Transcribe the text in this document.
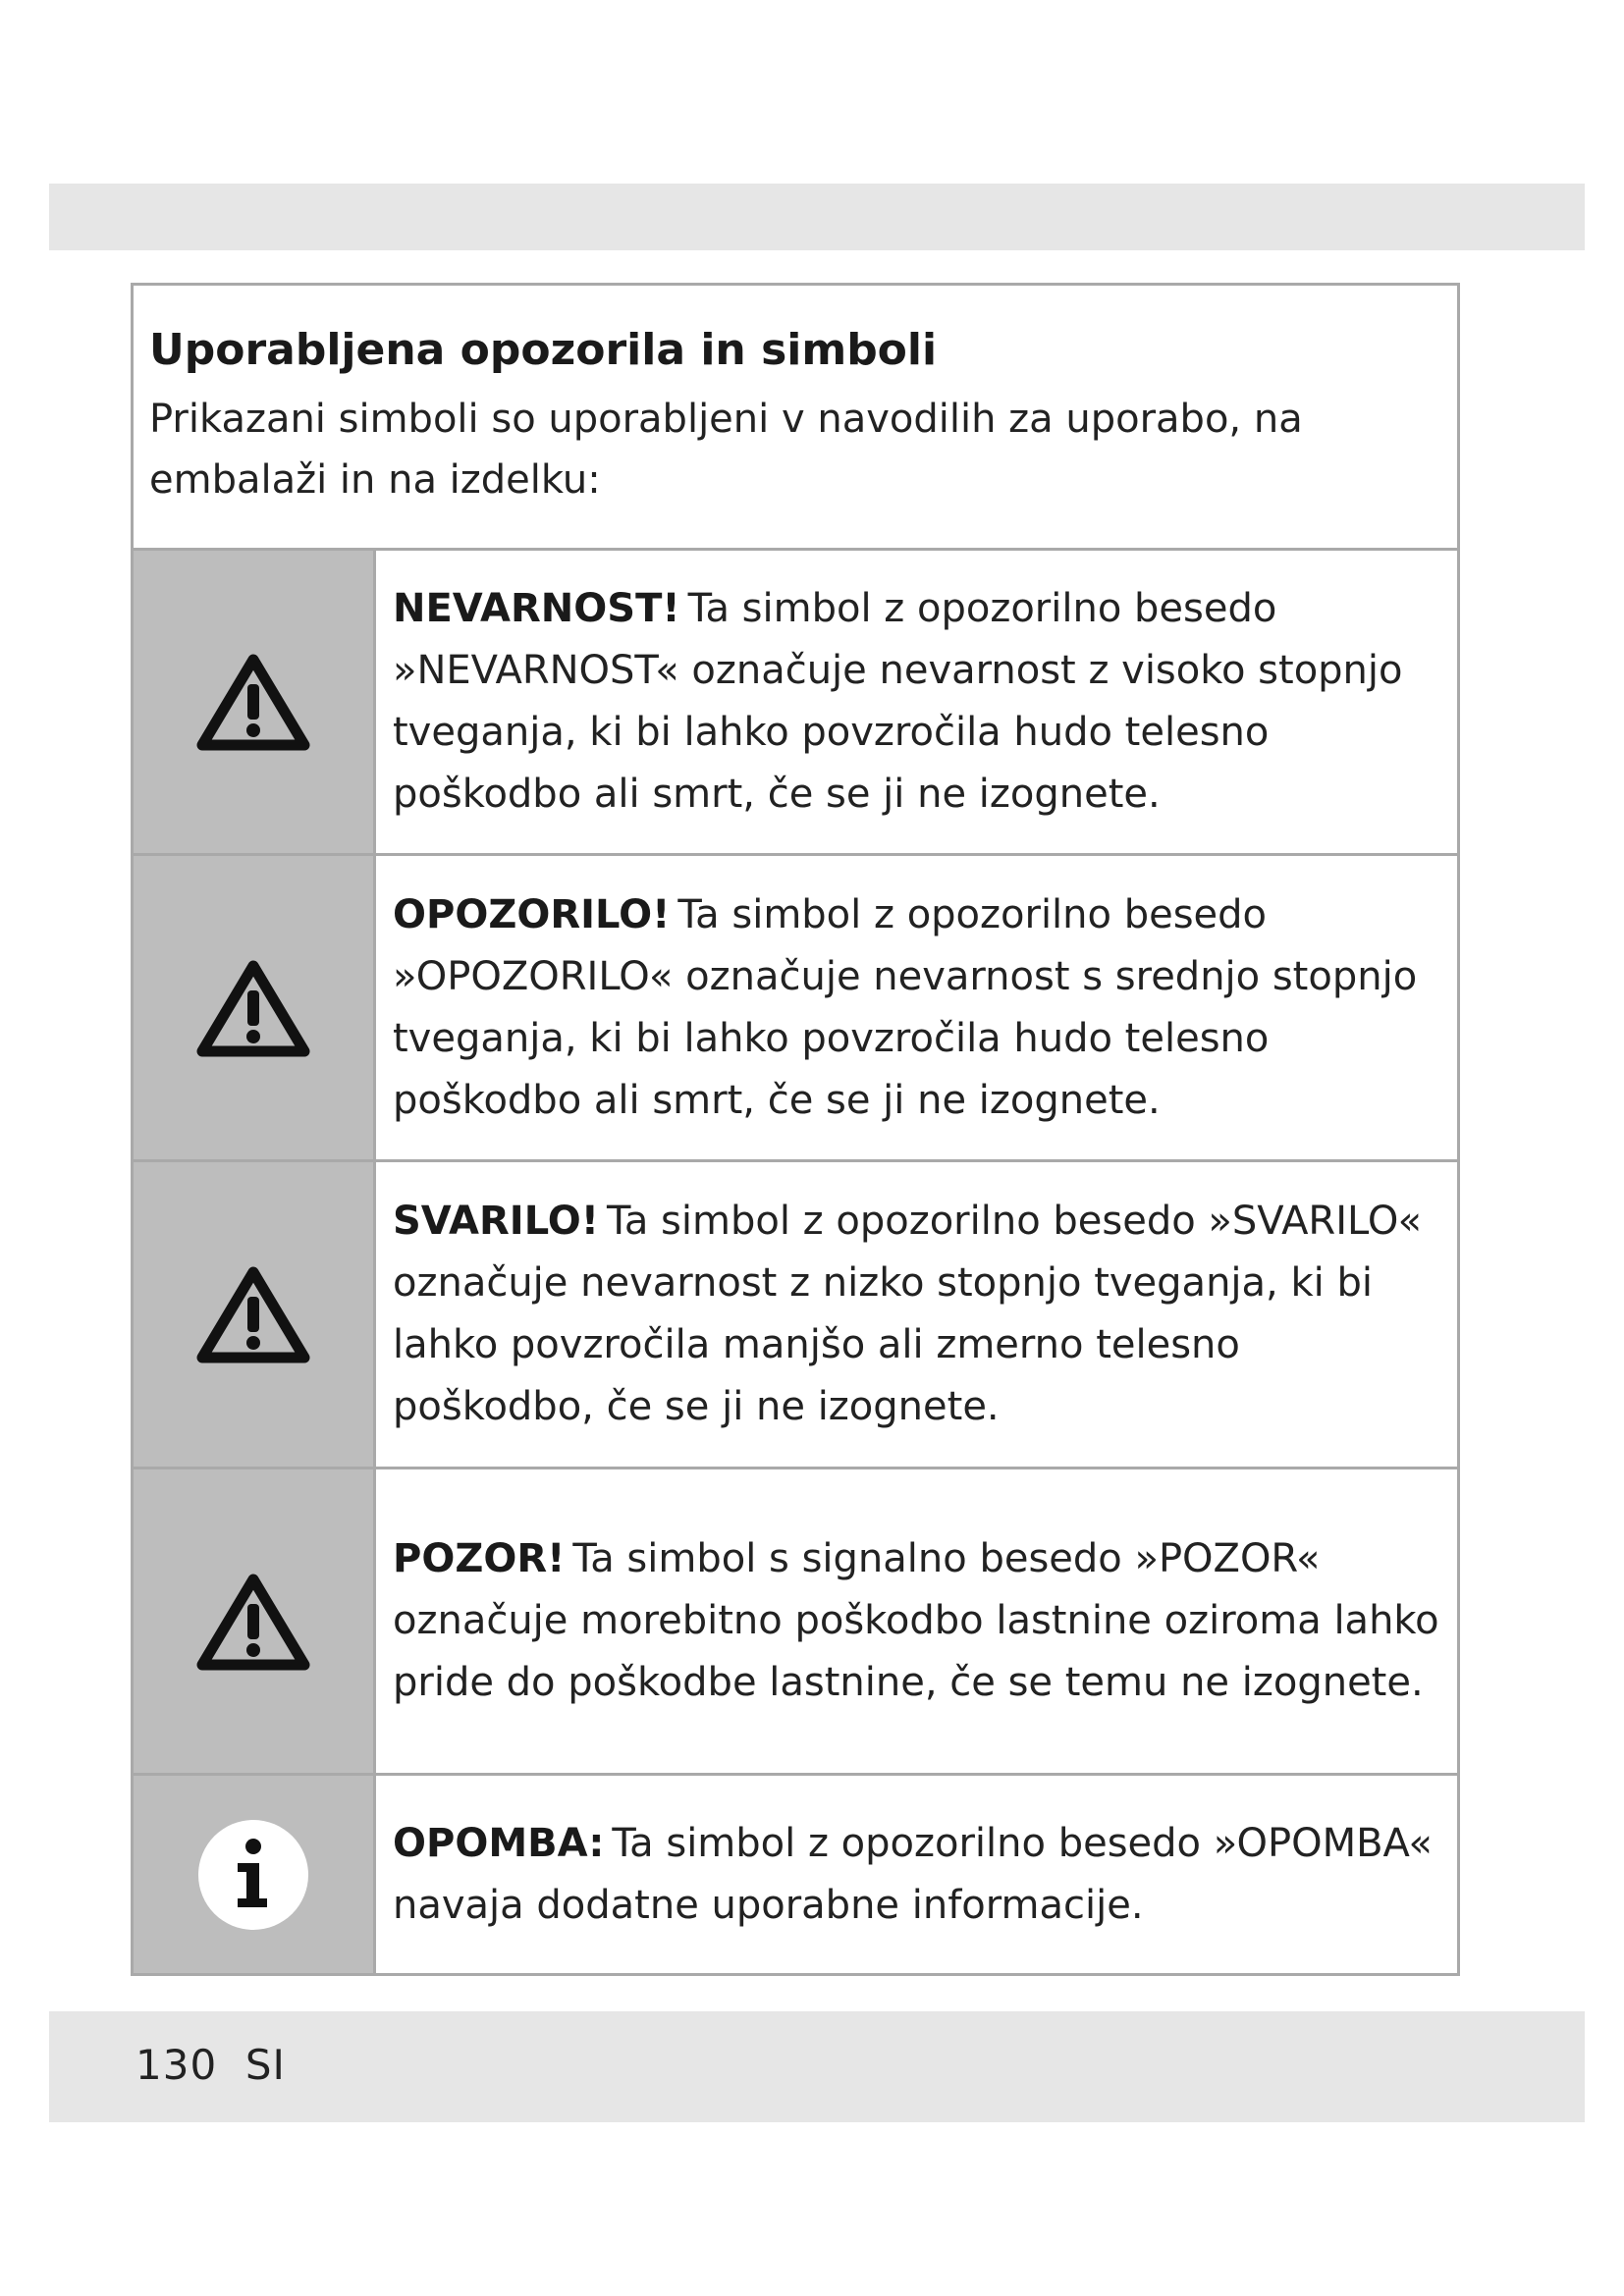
Uporabljena opozorila in simboli

Prikazani simboli so uporabljeni v navodilih za uporabo, na embalaži in na izdelku:

NEVARNOST! Ta simbol z opozorilno besedo »NEVARNOST« označuje nevarnost z visoko stopnjo tveganja, ki bi lahko povzročila hudo telesno poškodbo ali smrt, če se ji ne izognete.

OPOZORILO! Ta simbol z opozorilno besedo »OPOZORILO« označuje nevarnost s srednjo stopnjo tveganja, ki bi lahko povzročila hudo telesno poškodbo ali smrt, če se ji ne izognete.

SVARILO! Ta simbol z opozorilno besedo »SVARILO« označuje nevarnost z nizko stopnjo tveganja, ki bi lahko povzročila manjšo ali zmerno telesno poškodbo, če se ji ne izognete.

POZOR! Ta simbol s signalno besedo »POZOR« označuje morebitno poškodbo lastnine oziroma lahko pride do poškodbe lastnine, če se temu ne izognete.

OPOMBA: Ta simbol z opozorilno besedo »OPOMBA« navaja dodatne uporabne informacije.

130  SI
